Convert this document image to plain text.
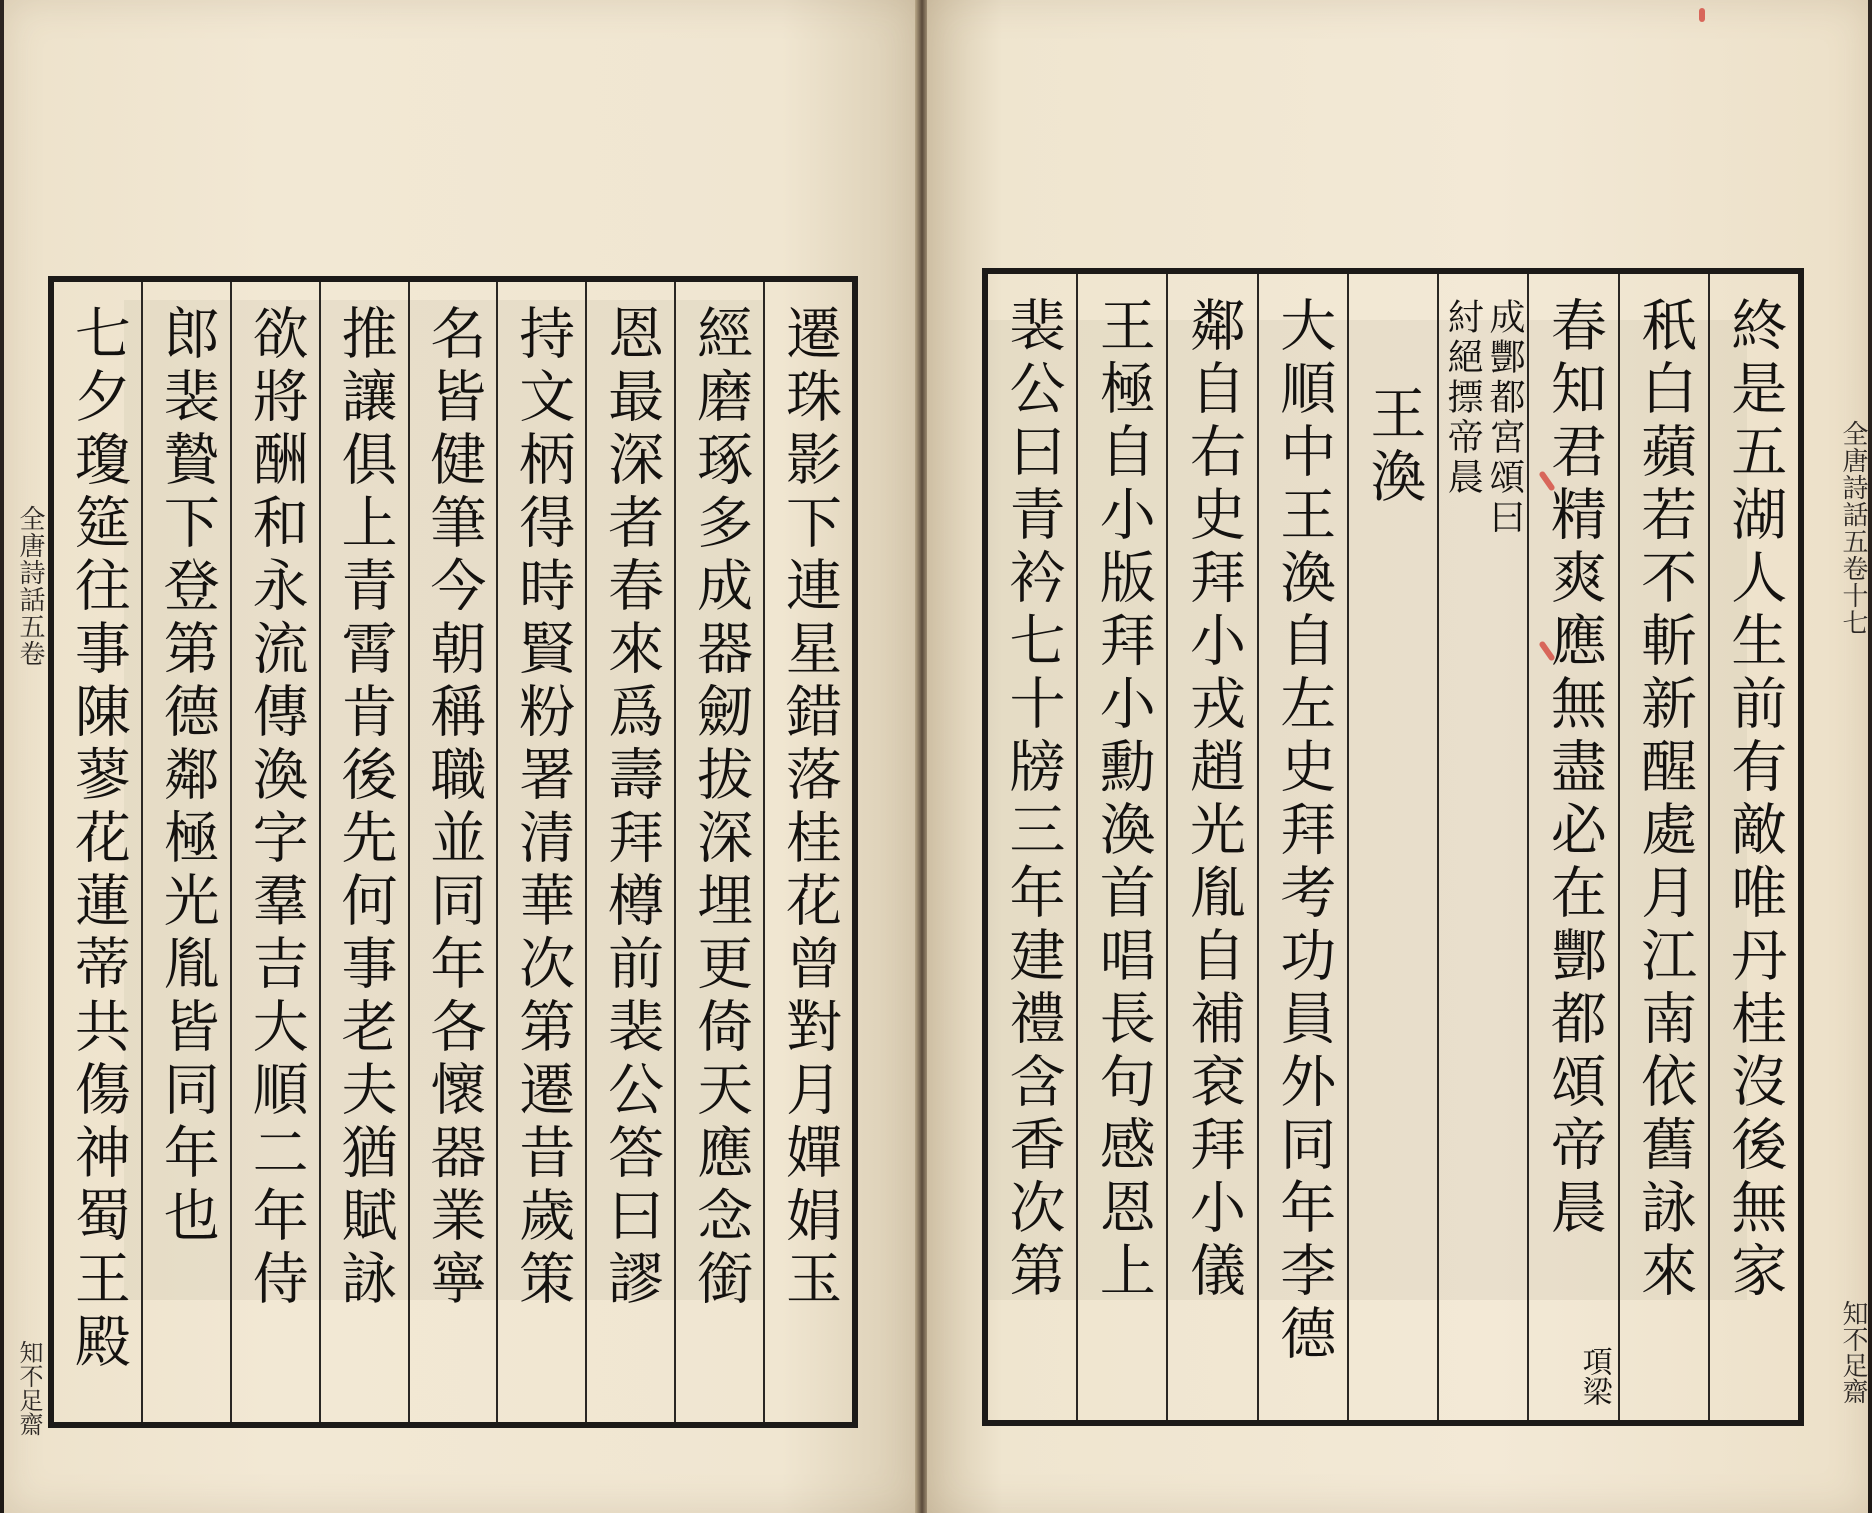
全唐詩話五卷
知不足齋
遷珠影下連星錯落桂花曾對月嬋娟玉
經磨琢多成器劒拔深埋更倚天應念銜
恩最深者春來爲壽拜樽前裴公答曰謬
持文柄得時賢粉署清華次第遷昔歲策
名皆健筆今朝稱職並同年各懷器業寧
推讓俱上青霄肯後先何事老夫猶賦詠
欲將酬和永流傳渙字羣吉大順二年侍
郎裴贄下登第德鄰極光胤皆同年也
七夕瓊筵往事陳蓼花蓮蒂共傷神蜀王殿	全唐詩話五卷十七
知不足齋
終是五湖人生前有敵唯丹桂沒後無家
秖白蘋若不斬新醒處月江南依舊詠來
春知君精爽應無盡必在酆都頌帝晨
項梁
成酆都宮頌曰
紂絕摽帝晨
王渙
大順中王渙自左史拜考功員外同年李德
鄰自右史拜小戎趙光胤自補袞拜小儀
王極自小版拜小勳渙首唱長句感恩上
裴公曰青衿七十牓三年建禮含香次第
